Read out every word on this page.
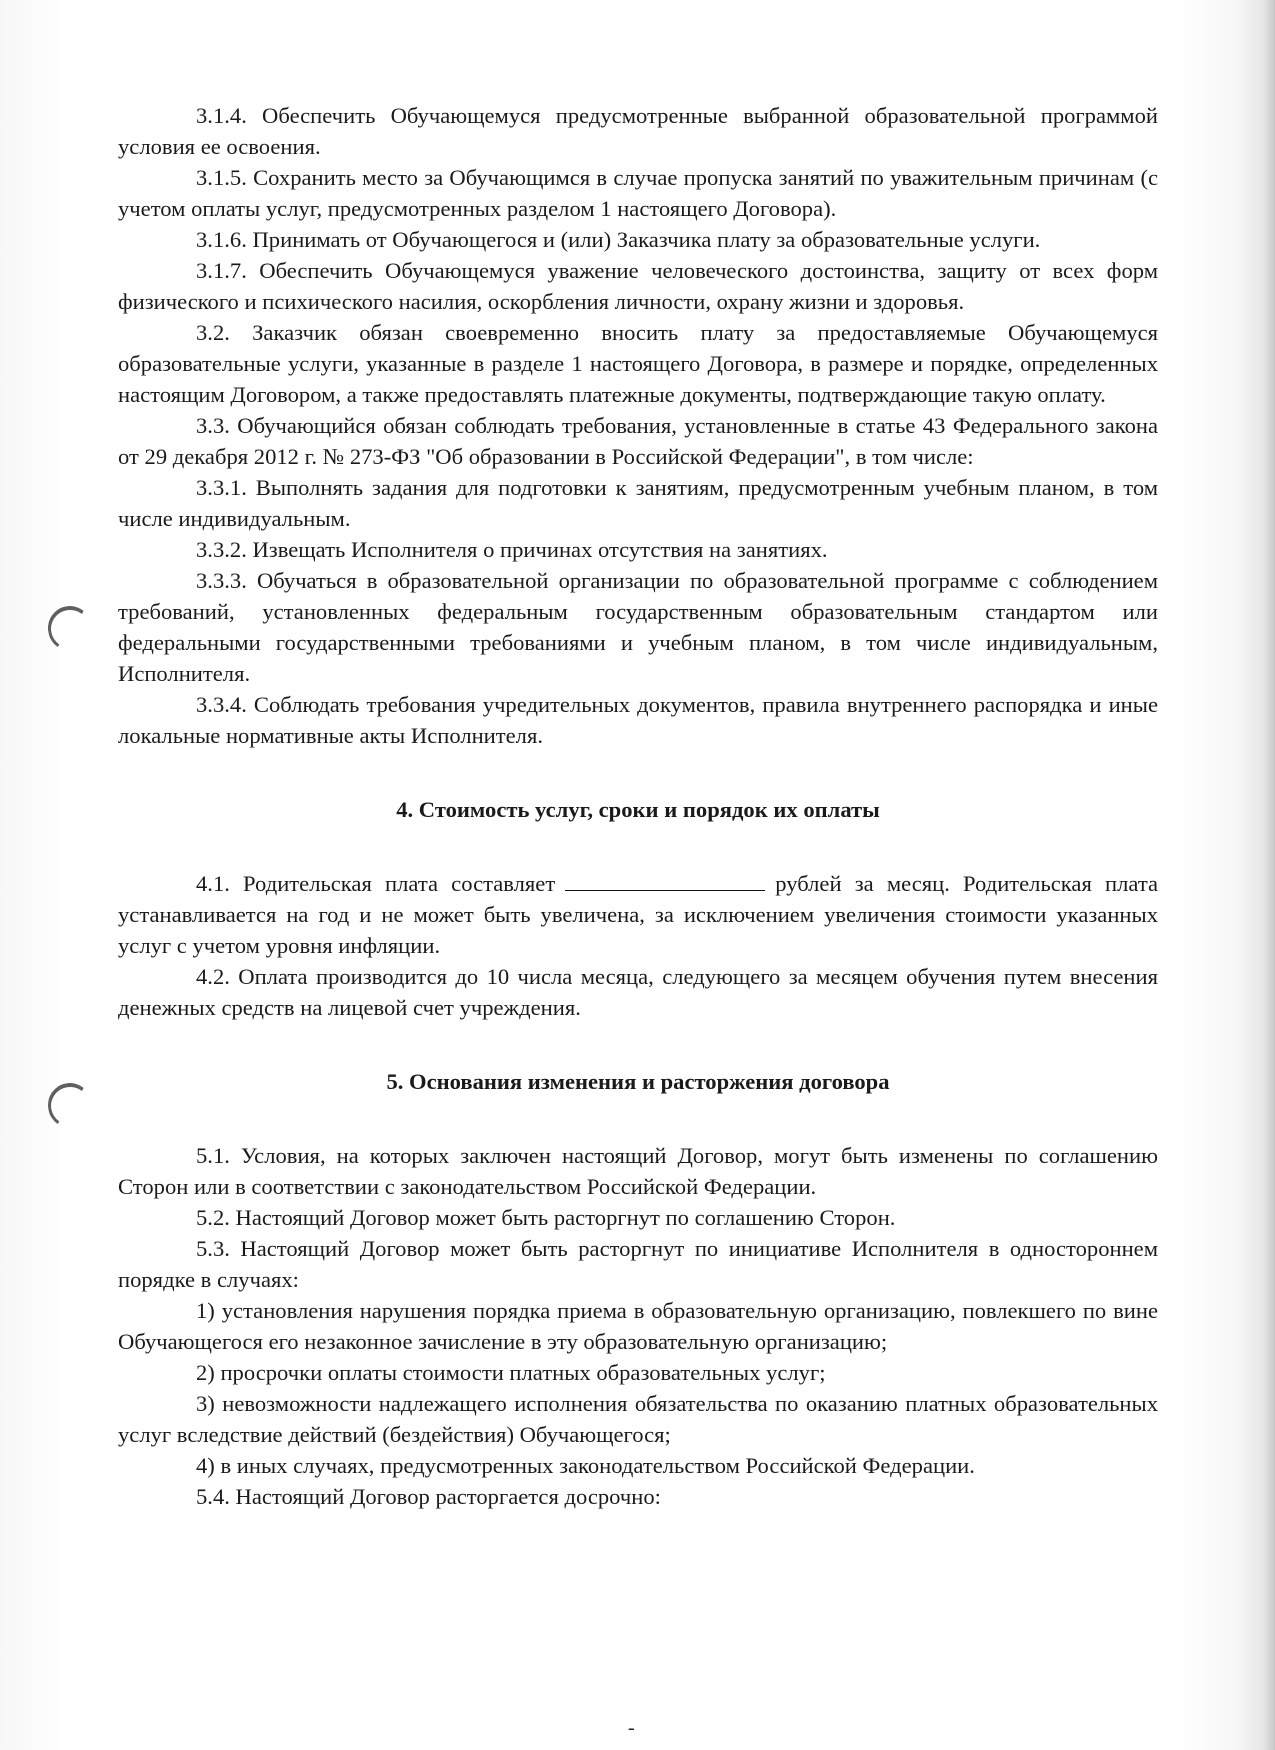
3.1.4. Обеспечить Обучающемуся предусмотренные выбранной образовательной программой условия ее освоения.

3.1.5. Сохранить место за Обучающимся в случае пропуска занятий по уважительным причинам (с учетом оплаты услуг, предусмотренных разделом 1 настоящего Договора).

3.1.6. Принимать от Обучающегося и (или) Заказчика плату за образовательные услуги.

3.1.7. Обеспечить Обучающемуся уважение человеческого достоинства, защиту от всех форм физического и психического насилия, оскорбления личности, охрану жизни и здоровья.

3.2. Заказчик обязан своевременно вносить плату за предоставляемые Обучающемуся образовательные услуги, указанные в разделе 1 настоящего Договора, в размере и порядке, определенных настоящим Договором, а также предоставлять платежные документы, подтверждающие такую оплату.

3.3. Обучающийся обязан соблюдать требования, установленные в статье 43 Федерального закона от 29 декабря 2012 г. № 273-ФЗ "Об образовании в Российской Федерации", в том числе:

3.3.1. Выполнять задания для подготовки к занятиям, предусмотренным учебным планом, в том числе индивидуальным.

3.3.2. Извещать Исполнителя о причинах отсутствия на занятиях.

3.3.3. Обучаться в образовательной организации по образовательной программе с соблюдением требований, установленных федеральным государственным образовательным стандартом или федеральными государственными требованиями и учебным планом, в том числе индивидуальным, Исполнителя.

3.3.4. Соблюдать требования учредительных документов, правила внутреннего распорядка и иные локальные нормативные акты Исполнителя.

4. Стоимость услуг, сроки и порядок их оплаты

4.1. Родительская плата составляет	рублей за месяц. Родительская плата устанавливается на год и не может быть увеличена, за исключением увеличения стоимости указанных услуг с учетом уровня инфляции.

4.2. Оплата производится до 10 числа месяца, следующего за месяцем обучения путем внесения денежных средств на лицевой счет учреждения.

5. Основания изменения и расторжения договора

5.1. Условия, на которых заключен настоящий Договор, могут быть изменены по соглашению Сторон или в соответствии с законодательством Российской Федерации.

5.2. Настоящий Договор может быть расторгнут по соглашению Сторон.

5.3. Настоящий Договор может быть расторгнут по инициативе Исполнителя в одностороннем порядке в случаях:

1) установления нарушения порядка приема в образовательную организацию, повлекшего по вине Обучающегося его незаконное зачисление в эту образовательную организацию;

2) просрочки оплаты стоимости платных образовательных услуг;

3) невозможности надлежащего исполнения обязательства по оказанию платных образовательных услуг вследствие действий (бездействия) Обучающегося;

4) в иных случаях, предусмотренных законодательством Российской Федерации.

5.4. Настоящий Договор расторгается досрочно:

-
